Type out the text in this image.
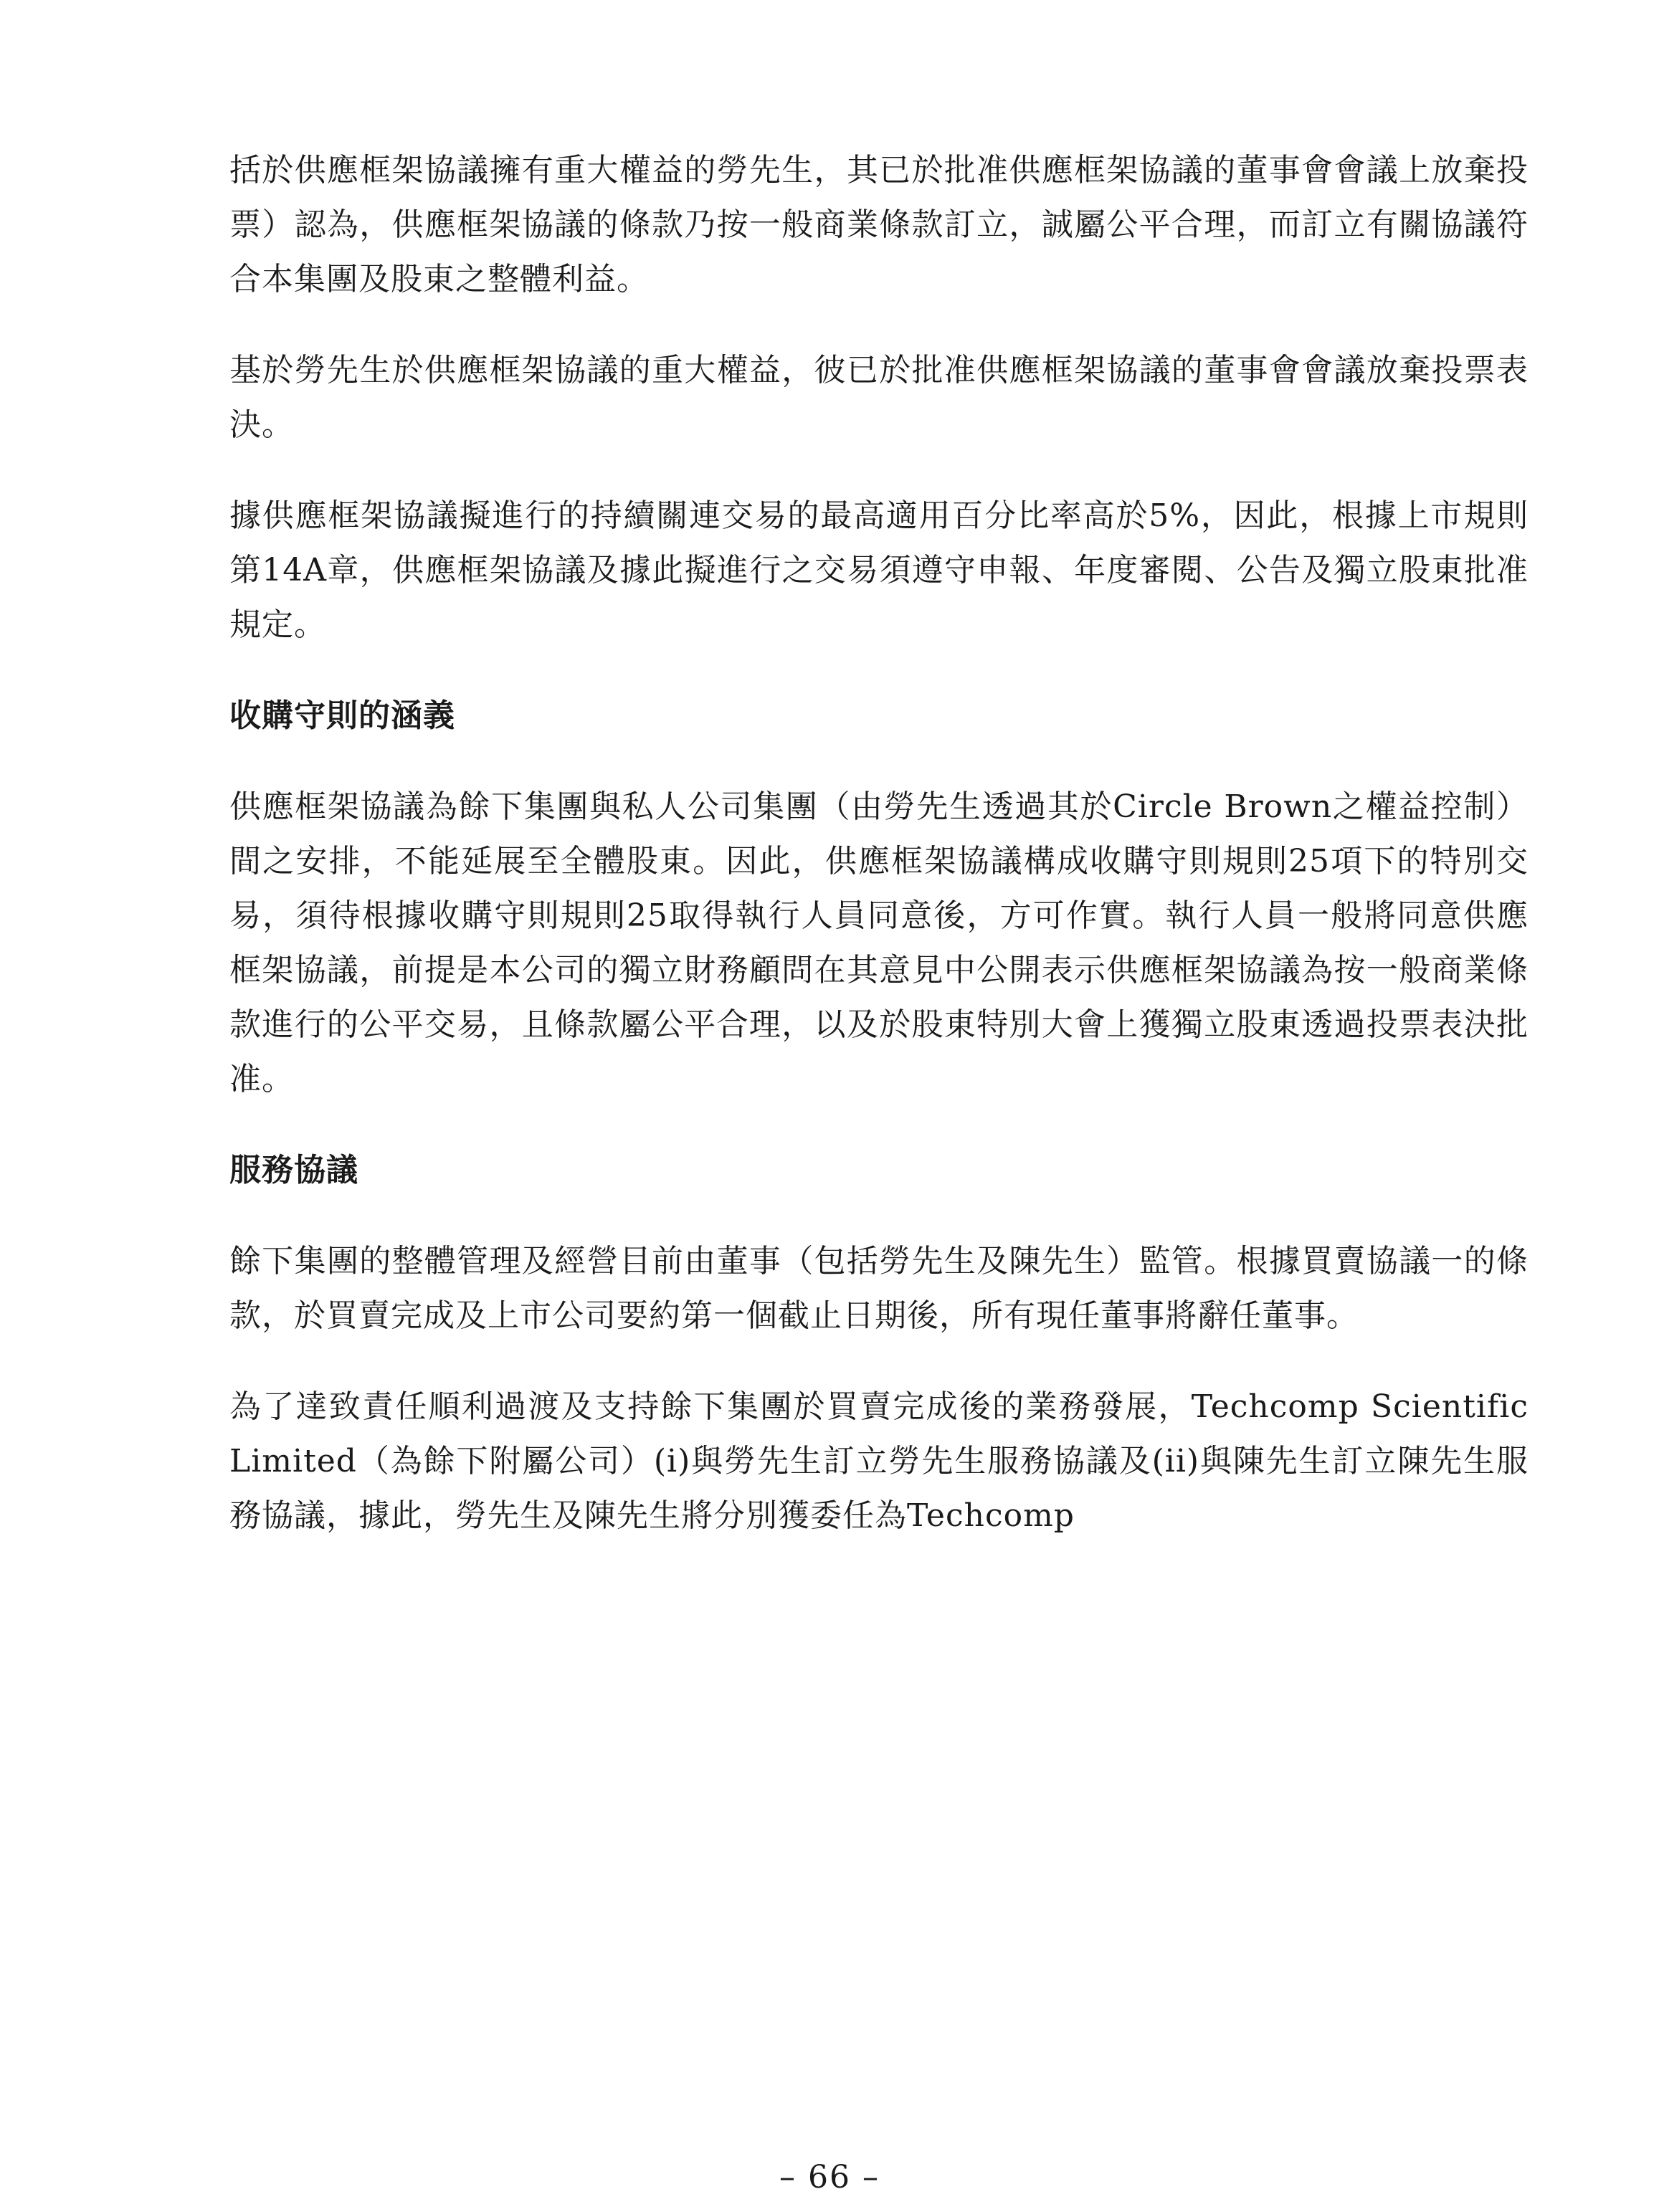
括於供應框架協議擁有重大權益的勞先生，其已於批准供應框架協議的董事會會議上放棄投票）認為，供應框架協議的條款乃按一般商業條款訂立，誠屬公平合理，而訂立有關協議符合本集團及股東之整體利益。

基於勞先生於供應框架協議的重大權益，彼已於批准供應框架協議的董事會會議放棄投票表決。

據供應框架協議擬進行的持續關連交易的最高適用百分比率高於5%，因此，根據上市規則第14A章，供應框架協議及據此擬進行之交易須遵守申報、年度審閱、公告及獨立股東批准規定。

收購守則的涵義

供應框架協議為餘下集團與私人公司集團（由勞先生透過其於Circle Brown之權益控制）間之安排，不能延展至全體股東。因此，供應框架協議構成收購守則規則25項下的特別交易，須待根據收購守則規則25取得執行人員同意後，方可作實。執行人員一般將同意供應框架協議，前提是本公司的獨立財務顧問在其意見中公開表示供應框架協議為按一般商業條款進行的公平交易，且條款屬公平合理，以及於股東特別大會上獲獨立股東透過投票表決批准。

服務協議

餘下集團的整體管理及經營目前由董事（包括勞先生及陳先生）監管。根據買賣協議一的條款，於買賣完成及上市公司要約第一個截止日期後，所有現任董事將辭任董事。

為了達致責任順利過渡及支持餘下集團於買賣完成後的業務發展，Techcomp Scientific Limited（為餘下附屬公司）(i)與勞先生訂立勞先生服務協議及(ii)與陳先生訂立陳先生服務協議，據此，勞先生及陳先生將分別獲委任為Techcomp

– 66 –
